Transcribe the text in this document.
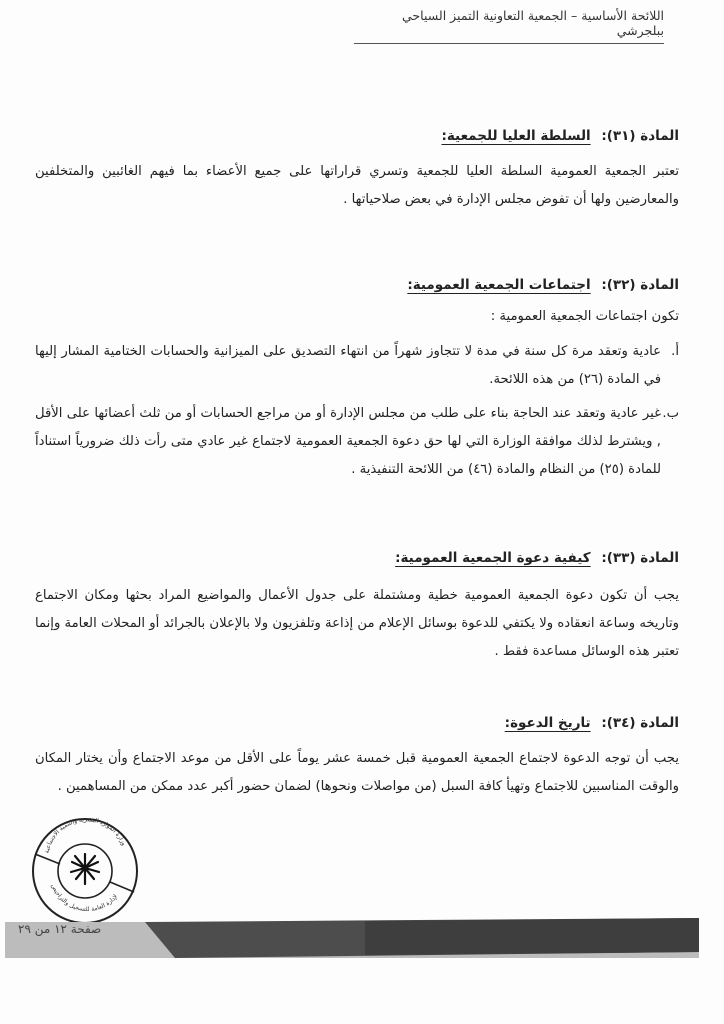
اللائحة الأساسية – الجمعية التعاونية التميز السياحي ببلجرشي

المادة (٣١): السلطة العليا للجمعية:

تعتبر الجمعية العمومية السلطة العليا للجمعية وتسري قراراتها على جميع الأعضاء بما فيهم الغائبين والمتخلفين والمعارضين ولها أن تفوض مجلس الإدارة في بعض صلاحياتها .

المادة (٣٢): اجتماعات الجمعية العمومية:

تكون اجتماعات الجمعية العمومية :

أ.
عادية وتعقد مرة كل سنة في مدة لا تتجاوز شهراً من انتهاء التصديق على الميزانية والحسابات الختامية المشار إليها في المادة (٢٦) من هذه اللائحة.
ب.
غير عادية وتعقد عند الحاجة بناء على طلب من مجلس الإدارة أو من مراجع الحسابات أو من ثلث أعضائها على الأقل , ويشترط لذلك موافقة الوزارة التي لها حق دعوة الجمعية العمومية لاجتماع غير عادي متى رأت ذلك ضرورياً استناداً للمادة (٢٥) من النظام والمادة (٤٦) من اللائحة التنفيذية .

المادة (٣٣): كيفية دعوة الجمعية العمومية:

يجب أن تكون دعوة الجمعية العمومية خطية ومشتملة على جدول الأعمال والمواضيع المراد بحثها ومكان الاجتماع وتاريخه وساعة انعقاده ولا يكتفي للدعوة بوسائل الإعلام من إذاعة وتلفزيون ولا بالإعلان بالجرائد أو المحلات العامة وإنما تعتبر هذه الوسائل مساعدة فقط .

المادة (٣٤): تاريخ الدعوة:

يجب أن توجه الدعوة لاجتماع الجمعية العمومية قبل خمسة عشر يوماً على الأقل من موعد الاجتماع وأن يختار المكان والوقت المناسبين للاجتماع وتهيأ كافة السبل (من مواصلات ونحوها) لضمان حضور أكبر عدد ممكن من المساهمين .

وزارة الموارد البشرية والتنمية الاجتماعية
الإدارة العامة للتسجيل والتراخيص
صفحة ١٢ من ٢٩
